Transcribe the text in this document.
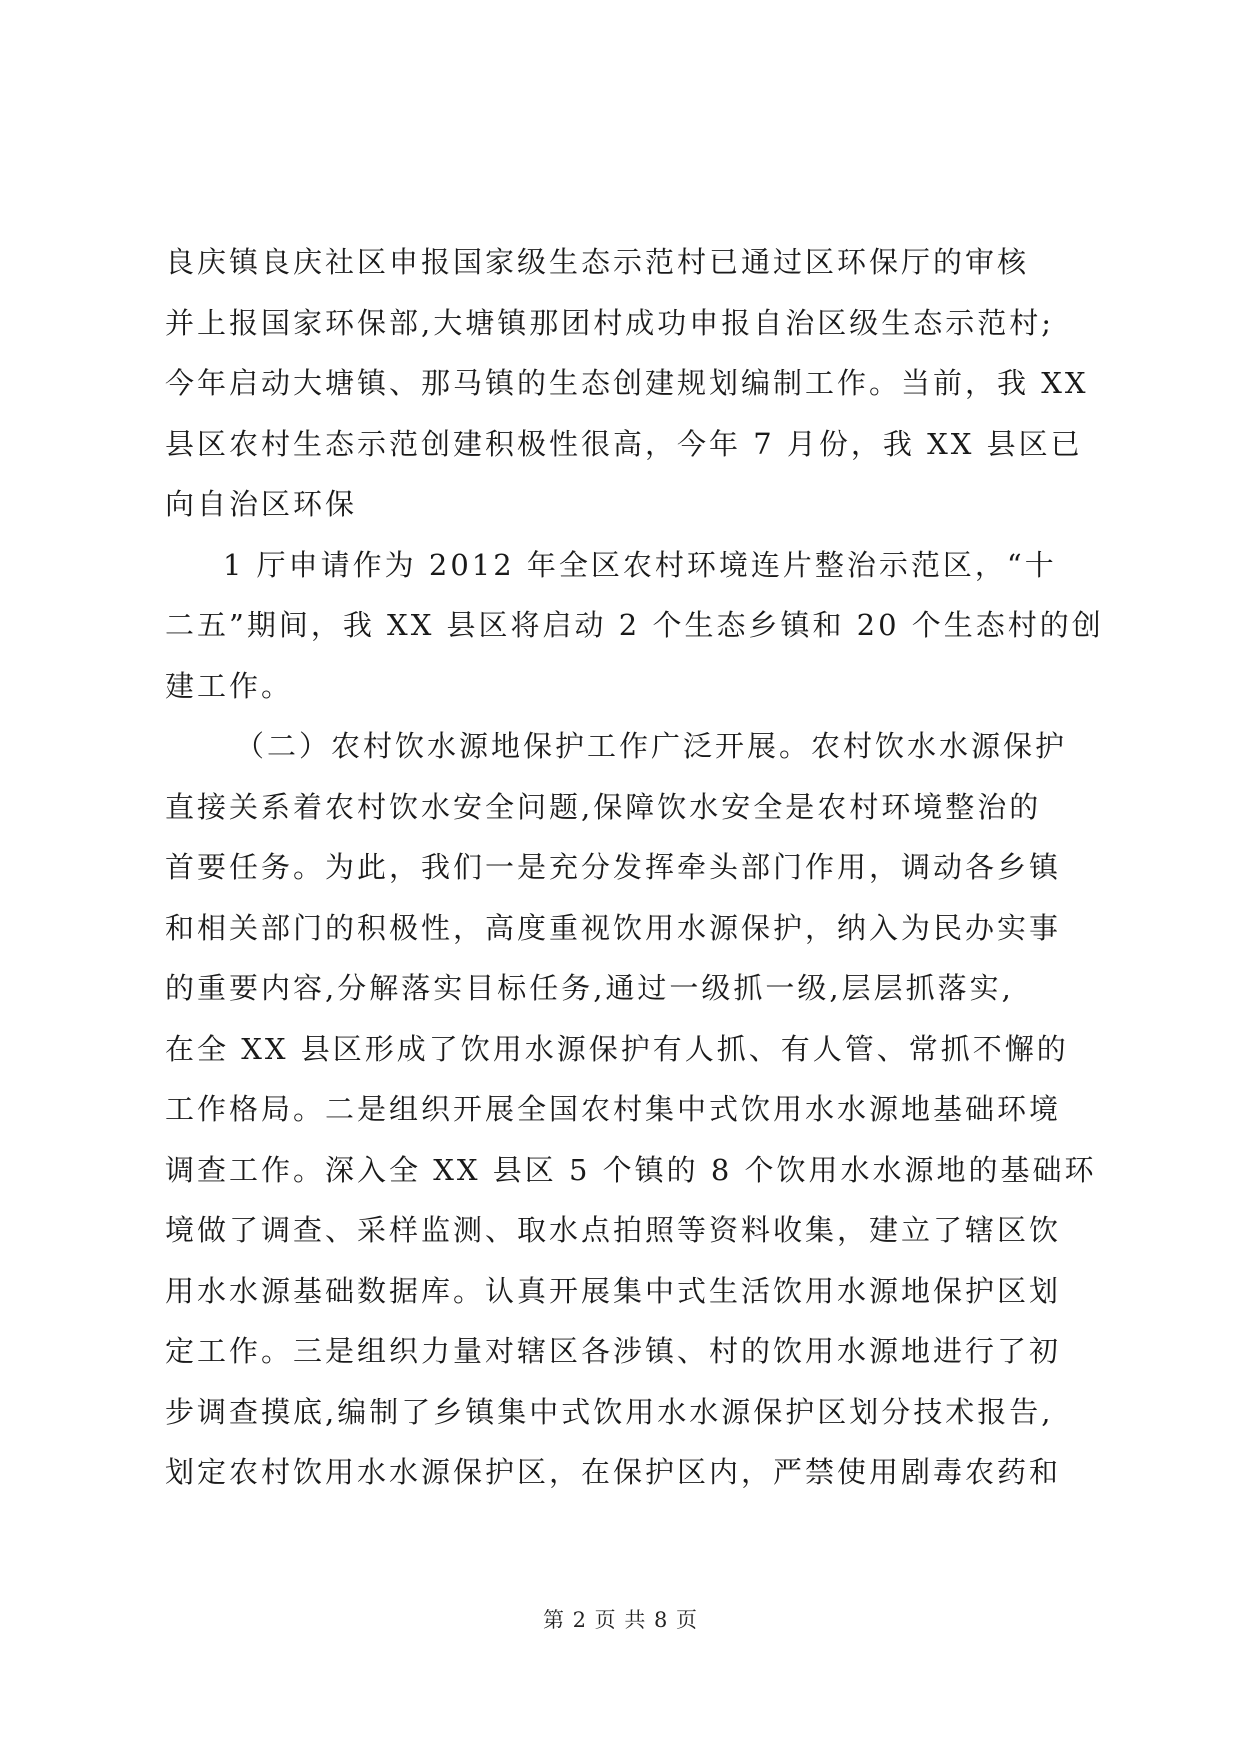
良庆镇良庆社区申报国家级生态示范村已通过区环保厅的审核
并上报国家环保部,大塘镇那团村成功申报自治区级生态示范村;
今年启动大塘镇、那马镇的生态创建规划编制工作。当前，我 XX
县区农村生态示范创建积极性很高，今年 7 月份，我 XX 县区已
向自治区环保

1 厅申请作为 2012 年全区农村环境连片整治示范区，“十
二五”期间，我 XX 县区将启动 2 个生态乡镇和 20 个生态村的创
建工作。

（二）农村饮水源地保护工作广泛开展。农村饮水水源保护
直接关系着农村饮水安全问题,保障饮水安全是农村环境整治的
首要任务。为此，我们一是充分发挥牵头部门作用，调动各乡镇
和相关部门的积极性，高度重视饮用水源保护，纳入为民办实事
的重要内容,分解落实目标任务,通过一级抓一级,层层抓落实,
在全 XX 县区形成了饮用水源保护有人抓、有人管、常抓不懈的
工作格局。二是组织开展全国农村集中式饮用水水源地基础环境
调查工作。深入全 XX 县区 5 个镇的 8 个饮用水水源地的基础环
境做了调查、采样监测、取水点拍照等资料收集，建立了辖区饮
用水水源基础数据库。认真开展集中式生活饮用水源地保护区划
定工作。三是组织力量对辖区各涉镇、村的饮用水源地进行了初
步调查摸底,编制了乡镇集中式饮用水水源保护区划分技术报告,
划定农村饮用水水源保护区，在保护区内，严禁使用剧毒农药和

第 2 页 共 8 页
